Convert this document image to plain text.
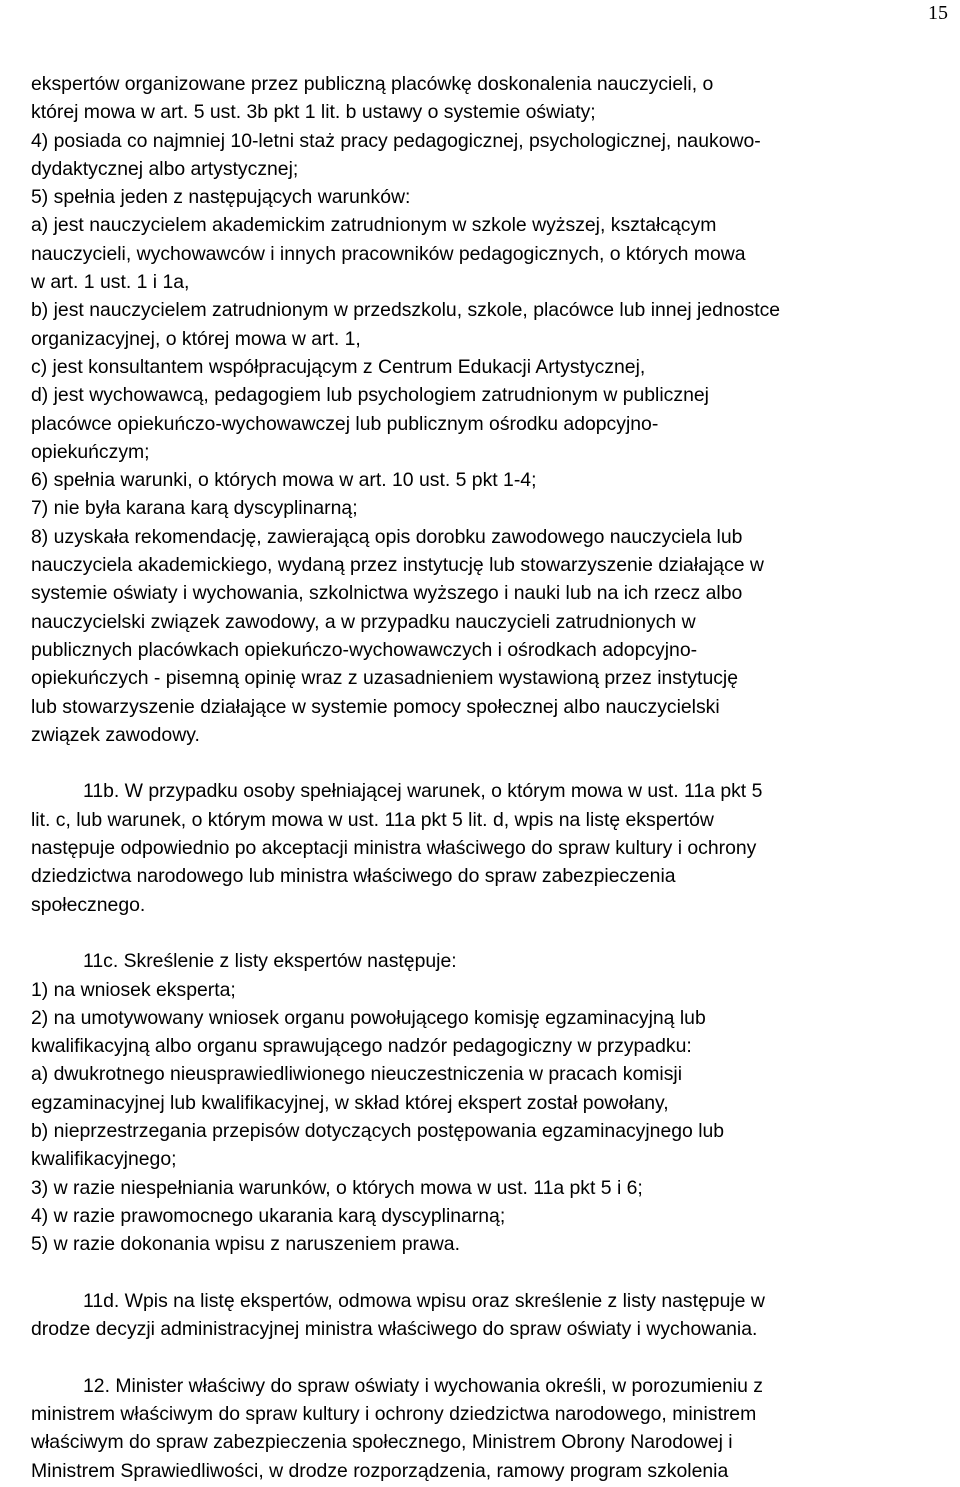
15
ekspertów organizowane przez publiczną placówkę doskonalenia nauczycieli, o
której mowa w art. 5 ust. 3b pkt 1 lit. b ustawy o systemie oświaty;
4) posiada co najmniej 10-letni staż pracy pedagogicznej, psychologicznej, naukowo-
dydaktycznej albo artystycznej;
5) spełnia jeden z następujących warunków:
a) jest nauczycielem akademickim zatrudnionym w szkole wyższej, kształcącym
nauczycieli, wychowawców i innych pracowników pedagogicznych, o których mowa
w art. 1 ust. 1 i 1a,
b) jest nauczycielem zatrudnionym w przedszkolu, szkole, placówce lub innej jednostce
organizacyjnej, o której mowa w art. 1,
c) jest konsultantem współpracującym z Centrum Edukacji Artystycznej,
d) jest wychowawcą, pedagogiem lub psychologiem zatrudnionym w publicznej
placówce opiekuńczo-wychowawczej lub publicznym ośrodku adopcyjno-
opiekuńczym;
6) spełnia warunki, o których mowa w art. 10 ust. 5 pkt 1-4;
7) nie była karana karą dyscyplinarną;
8) uzyskała rekomendację, zawierającą opis dorobku zawodowego nauczyciela lub
nauczyciela akademickiego, wydaną przez instytucję lub stowarzyszenie działające w
systemie oświaty i wychowania, szkolnictwa wyższego i nauki lub na ich rzecz albo
nauczycielski związek zawodowy, a w przypadku nauczycieli zatrudnionych w
publicznych placówkach opiekuńczo-wychowawczych i ośrodkach adopcyjno-
opiekuńczych - pisemną opinię wraz z uzasadnieniem wystawioną przez instytucję
lub stowarzyszenie działające w systemie pomocy społecznej albo nauczycielski
związek zawodowy.
11b. W przypadku osoby spełniającej warunek, o którym mowa w ust. 11a pkt 5
lit. c, lub warunek, o którym mowa w ust. 11a pkt 5 lit. d, wpis na listę ekspertów
następuje odpowiednio po akceptacji ministra właściwego do spraw kultury i ochrony
dziedzictwa narodowego lub ministra właściwego do spraw zabezpieczenia
społecznego.
11c. Skreślenie z listy ekspertów następuje:
1) na wniosek eksperta;
2) na umotywowany wniosek organu powołującego komisję egzaminacyjną lub
kwalifikacyjną albo organu sprawującego nadzór pedagogiczny w przypadku:
a) dwukrotnego nieusprawiedliwionego nieuczestniczenia w pracach komisji
egzaminacyjnej lub kwalifikacyjnej, w skład której ekspert został powołany,
b) nieprzestrzegania przepisów dotyczących postępowania egzaminacyjnego lub
kwalifikacyjnego;
3) w razie niespełniania warunków, o których mowa w ust. 11a pkt 5 i 6;
4) w razie prawomocnego ukarania karą dyscyplinarną;
5) w razie dokonania wpisu z naruszeniem prawa.
11d. Wpis na listę ekspertów, odmowa wpisu oraz skreślenie z listy następuje w
drodze decyzji administracyjnej ministra właściwego do spraw oświaty i wychowania.
12. Minister właściwy do spraw oświaty i wychowania określi, w porozumieniu z
ministrem właściwym do spraw kultury i ochrony dziedzictwa narodowego, ministrem
właściwym do spraw zabezpieczenia społecznego, Ministrem Obrony Narodowej i
Ministrem Sprawiedliwości, w drodze rozporządzenia, ramowy program szkolenia
